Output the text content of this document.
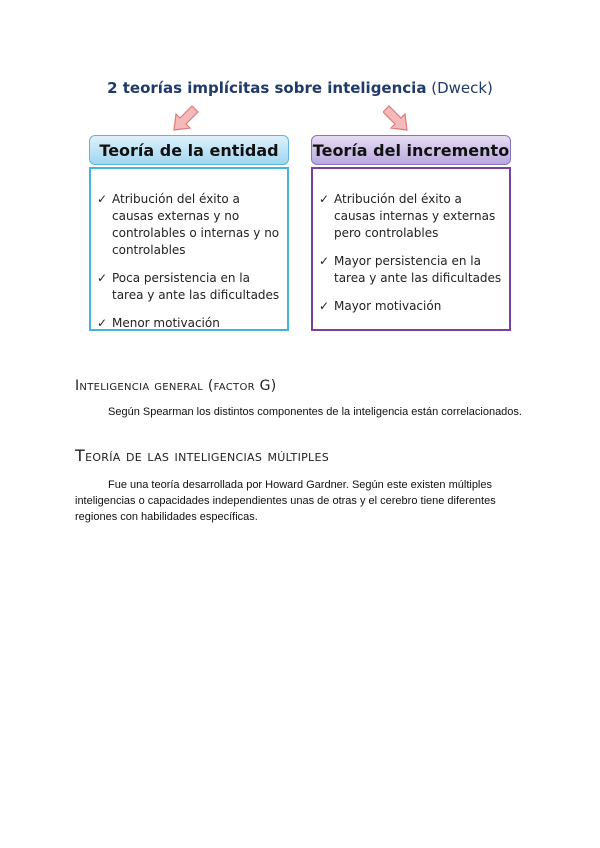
2 teorías implícitas sobre inteligencia (Dweck)
Teoría de la entidad
✓ Atribución del éxito a causas externas y no controlables o internas y no controlables
✓ Poca persistencia en la tarea y ante las dificultades
✓ Menor motivación
Teoría del incremento
✓ Atribución del éxito a causas internas y externas pero controlables
✓ Mayor persistencia en la tarea y ante las dificultades
✓ Mayor motivación
Inteligencia general (factor G)
Según Spearman los distintos componentes de la inteligencia están correlacionados.
Teoría de las inteligencias múltiples
Fue una teoría desarrollada por Howard Gardner. Según este existen múltiples inteligencias o capacidades independientes unas de otras y el cerebro tiene diferentes regiones con habilidades específicas.
